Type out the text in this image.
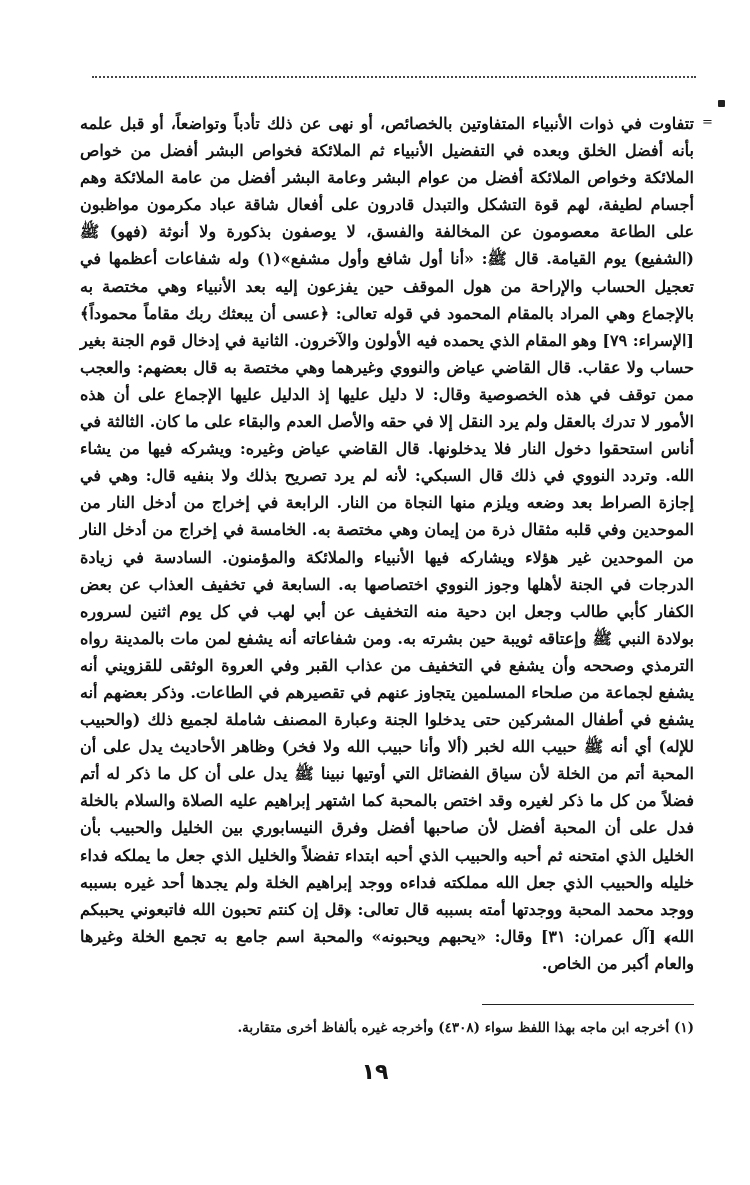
=

تتفاوت في ذوات الأنبياء المتفاوتين بالخصائص، أو نهى عن ذلك تأدباً وتواضعاً، أو قبل علمه بأنه أفضل الخلق وبعده في التفضيل الأنبياء ثم الملائكة فخواص البشر أفضل من خواص الملائكة وخواص الملائكة أفضل من عوام البشر وعامة البشر أفضل من عامة الملائكة وهم أجسام لطيفة، لهم قوة التشكل والتبدل قادرون على أفعال شاقة عباد مكرمون مواظبون على الطاعة معصومون عن المخالفة والفسق، لا يوصفون بذكورة ولا أنوثة (فهو) ﷺ (الشفيع) يوم القيامة. قال ﷺ: «أنا أول شافع وأول مشفع»(١) وله شفاعات أعظمها في تعجيل الحساب والإراحة من هول الموقف حين يفزعون إليه بعد الأنبياء وهي مختصة به بالإجماع وهي المراد بالمقام المحمود في قوله تعالى: ﴿عسى أن يبعثك ربك مقاماً محموداً﴾ [الإسراء: ٧٩] وهو المقام الذي يحمده فيه الأولون والآخرون. الثانية في إدخال قوم الجنة بغير حساب ولا عقاب. قال القاضي عياض والنووي وغيرهما وهي مختصة به قال بعضهم: والعجب ممن توقف في هذه الخصوصية وقال: لا دليل عليها إذ الدليل عليها الإجماع على أن هذه الأمور لا تدرك بالعقل ولم يرد النقل إلا في حقه والأصل العدم والبقاء على ما كان. الثالثة في أناس استحقوا دخول النار فلا يدخلونها. قال القاضي عياض وغيره: ويشركه فيها من يشاء الله. وتردد النووي في ذلك قال السبكي: لأنه لم يرد تصريح بذلك ولا بنفيه قال: وهي في إجازة الصراط بعد وضعه ويلزم منها النجاة من النار. الرابعة في إخراج من أدخل النار من الموحدين وفي قلبه مثقال ذرة من إيمان وهي مختصة به. الخامسة في إخراج من أدخل النار من الموحدين غير هؤلاء ويشاركه فيها الأنبياء والملائكة والمؤمنون. السادسة في زيادة الدرجات في الجنة لأهلها وجوز النووي اختصاصها به. السابعة في تخفيف العذاب عن بعض الكفار كأبي طالب وجعل ابن دحية منه التخفيف عن أبي لهب في كل يوم اثنين لسروره بولادة النبي ﷺ وإعتاقه ثويبة حين بشرته به. ومن شفاعاته أنه يشفع لمن مات بالمدينة رواه الترمذي وصححه وأن يشفع في التخفيف من عذاب القبر وفي العروة الوثقى للقزويني أنه يشفع لجماعة من صلحاء المسلمين يتجاوز عنهم في تقصيرهم في الطاعات. وذكر بعضهم أنه يشفع في أطفال المشركين حتى يدخلوا الجنة وعبارة المصنف شاملة لجميع ذلك (والحبيب للإله) أي أنه ﷺ حبيب الله لخبر (ألا وأنا حبيب الله ولا فخر) وظاهر الأحاديث يدل على أن المحبة أتم من الخلة لأن سياق الفضائل التي أوتيها نبينا ﷺ يدل على أن كل ما ذكر له أتم فضلاً من كل ما ذكر لغيره وقد اختص بالمحبة كما اشتهر إبراهيم عليه الصلاة والسلام بالخلة فدل على أن المحبة أفضل لأن صاحبها أفضل وفرق النيسابوري بين الخليل والحبيب بأن الخليل الذي امتحنه ثم أحبه والحبيب الذي أحبه ابتداء تفضلاً والخليل الذي جعل ما يملكه فداء خليله والحبيب الذي جعل الله مملكته فداءه ووجد إبراهيم الخلة ولم يجدها أحد غيره بسببه ووجد محمد المحبة ووجدتها أمته بسببه قال تعالى: ﴿قل إن كنتم تحبون الله فاتبعوني يحببكم الله﴾ [آل عمران: ٣١] وقال: «يحبهم ويحبونه» والمحبة اسم جامع به تجمع الخلة وغيرها والعام أكبر من الخاص.

(١) أخرجه ابن ماجه بهذا اللفظ سواء (٤٣٠٨) وأخرجه غيره بألفاظ أخرى متقاربة.
١٩
